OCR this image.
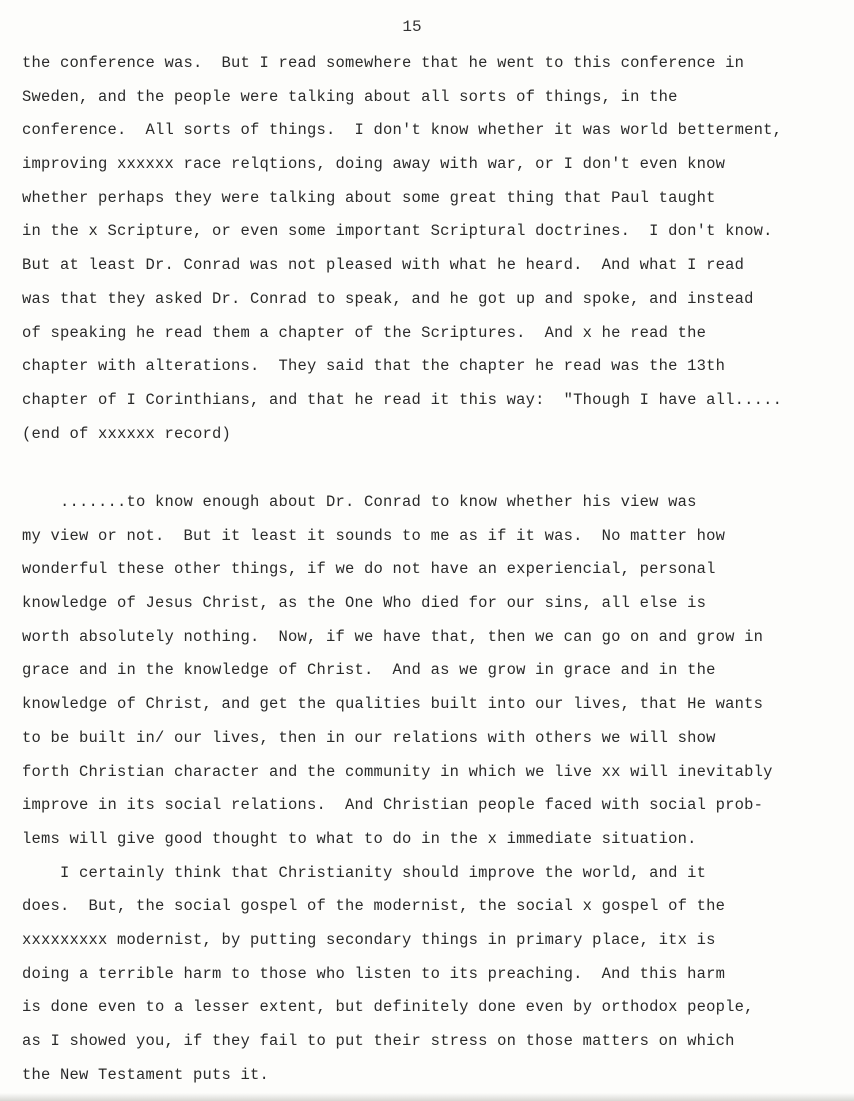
15
the conference was.  But I read somewhere that he went to this conference in
Sweden, and the people were talking about all sorts of things, in the
conference.  All sorts of things.  I don't know whether it was world betterment,
improving xxxxxx race relqtions, doing away with war, or I don't even know
whether perhaps they were talking about some great thing that Paul taught
in the x Scripture, or even some important Scriptural doctrines.  I don't know.
But at least Dr. Conrad was not pleased with what he heard.  And what I read
was that they asked Dr. Conrad to speak, and he got up and spoke, and instead
of speaking he read them a chapter of the Scriptures.  And x he read the
chapter with alterations.  They said that the chapter he read was the 13th
chapter of I Corinthians, and that he read it this way:  "Though I have all.....
(end of xxxxxx record)
.......to know enough about Dr. Conrad to know whether his view was
my view or not.  But it least it sounds to me as if it was.  No matter how
wonderful these other things, if we do not have an experienciаl, personal
knowledge of Jesus Christ, as the One Who died for our sins, all else is
worth absolutely nothing.  Now, if we have that, then we can go on and grow in
grace and in the knowledge of Christ.  And as we grow in grace and in the
knowledge of Christ, and get the qualities built into our lives, that He wants
to be built in/ our lives, then in our relations with others we will show
forth Christian character and the community in which we live xx will inevitably
improve in its social relations.  And Christian people faced with social prob-
lems will give good thought to what to do in the x immediate situation.
I certainly think that Christianity should improve the world, and it
does.  But, the social gospel of the modernist, the social x gospel of the
xxxxxxxxx modernist, by putting secondary things in primary place, itx is
doing a terrible harm to those who listen to its preaching.  And this harm
is done even to a lesser extent, but definitely done even by orthodox people,
as I showed you, if they fail to put their stress on those matters on which
the New Testament puts it.
